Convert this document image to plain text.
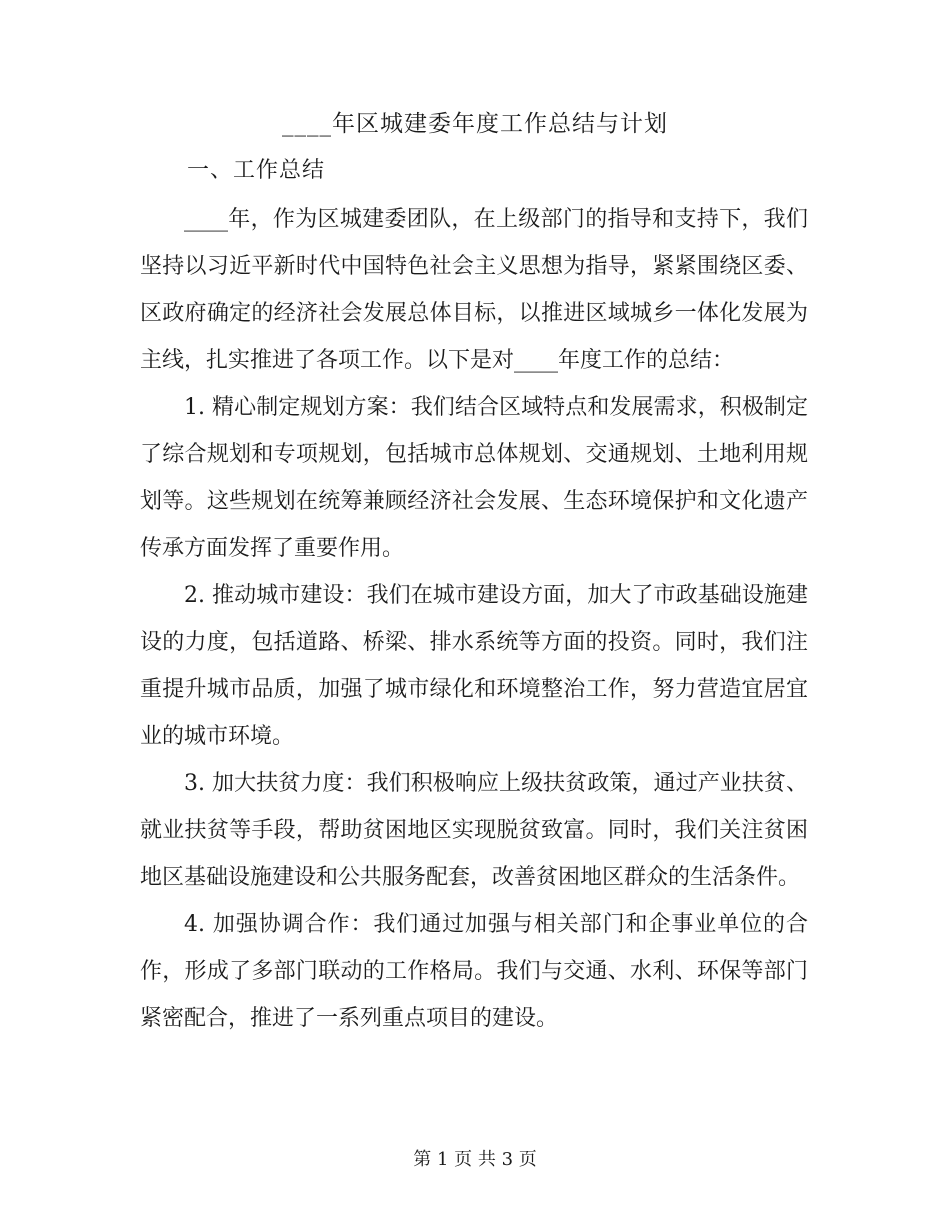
____年区城建委年度工作总结与计划
一、工作总结

____年，作为区城建委团队，在上级部门的指导和支持下，我们坚持以习近平新时代中国特色社会主义思想为指导，紧紧围绕区委、区政府确定的经济社会发展总体目标，以推进区域城乡一体化发展为主线，扎实推进了各项工作。以下是对____年度工作的总结：

1. 精心制定规划方案：我们结合区域特点和发展需求，积极制定了综合规划和专项规划，包括城市总体规划、交通规划、土地利用规划等。这些规划在统筹兼顾经济社会发展、生态环境保护和文化遗产传承方面发挥了重要作用。

2. 推动城市建设：我们在城市建设方面，加大了市政基础设施建设的力度，包括道路、桥梁、排水系统等方面的投资。同时，我们注重提升城市品质，加强了城市绿化和环境整治工作，努力营造宜居宜业的城市环境。

3. 加大扶贫力度：我们积极响应上级扶贫政策，通过产业扶贫、就业扶贫等手段，帮助贫困地区实现脱贫致富。同时，我们关注贫困地区基础设施建设和公共服务配套，改善贫困地区群众的生活条件。

4. 加强协调合作：我们通过加强与相关部门和企事业单位的合作，形成了多部门联动的工作格局。我们与交通、水利、环保等部门紧密配合，推进了一系列重点项目的建设。

第 1 页 共 3 页
